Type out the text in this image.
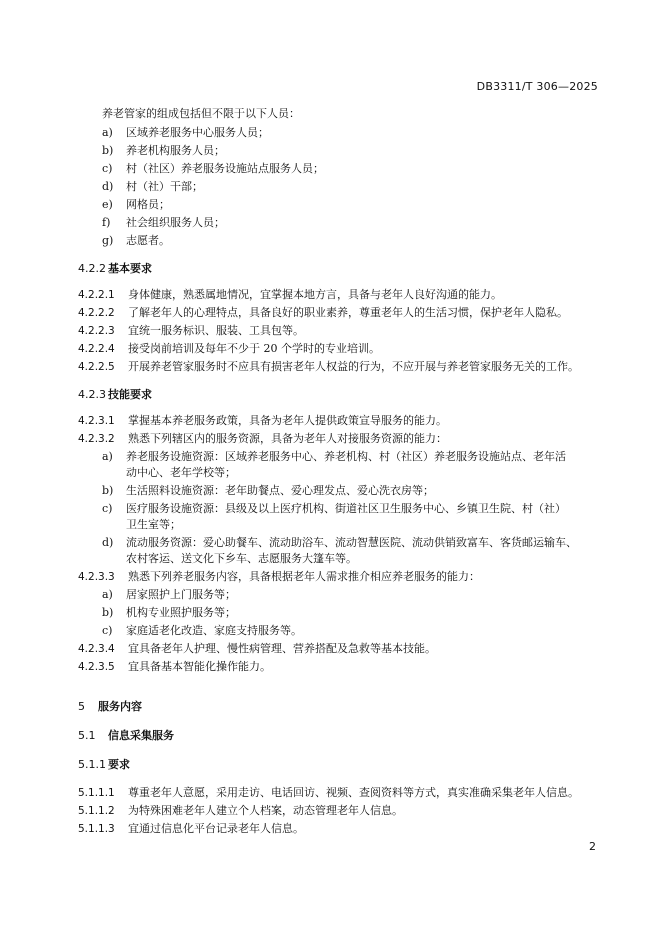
DB3311/T 306—2025
养老管家的组成包括但不限于以下人员：
a) 区域养老服务中心服务人员；
b) 养老机构服务人员；
c) 村（社区）养老服务设施站点服务人员；
d) 村（社）干部；
e) 网格员；
f) 社会组织服务人员；
g) 志愿者。
4.2.2 基本要求
4.2.2.1 身体健康，熟悉属地情况，宜掌握本地方言，具备与老年人良好沟通的能力。
4.2.2.2 了解老年人的心理特点，具备良好的职业素养，尊重老年人的生活习惯，保护老年人隐私。
4.2.2.3 宜统一服务标识、服装、工具包等。
4.2.2.4 接受岗前培训及每年不少于 20 个学时的专业培训。
4.2.2.5 开展养老管家服务时不应具有损害老年人权益的行为，不应开展与养老管家服务无关的工作。
4.2.3 技能要求
4.2.3.1 掌握基本养老服务政策，具备为老年人提供政策宣导服务的能力。
4.2.3.2 熟悉下列辖区内的服务资源，具备为老年人对接服务资源的能力：
a) 养老服务设施资源：区域养老服务中心、养老机构、村（社区）养老服务设施站点、老年活
动中心、老年学校等；
b) 生活照料设施资源：老年助餐点、爱心理发点、爱心洗衣房等；
c) 医疗服务设施资源：县级及以上医疗机构、街道社区卫生服务中心、乡镇卫生院、村（社）
卫生室等；
d) 流动服务资源：爱心助餐车、流动助浴车、流动智慧医院、流动供销致富车、客货邮运输车、
农村客运、送文化下乡车、志愿服务大篷车等。
4.2.3.3 熟悉下列养老服务内容，具备根据老年人需求推介相应养老服务的能力：
a) 居家照护上门服务等；
b) 机构专业照护服务等；
c) 家庭适老化改造、家庭支持服务等。
4.2.3.4 宜具备老年人护理、慢性病管理、营养搭配及急救等基本技能。
4.2.3.5 宜具备基本智能化操作能力。
5 服务内容
5.1 信息采集服务
5.1.1 要求
5.1.1.1 尊重老年人意愿，采用走访、电话回访、视频、查阅资料等方式，真实准确采集老年人信息。
5.1.1.2 为特殊困难老年人建立个人档案，动态管理老年人信息。
5.1.1.3 宜通过信息化平台记录老年人信息。
2
